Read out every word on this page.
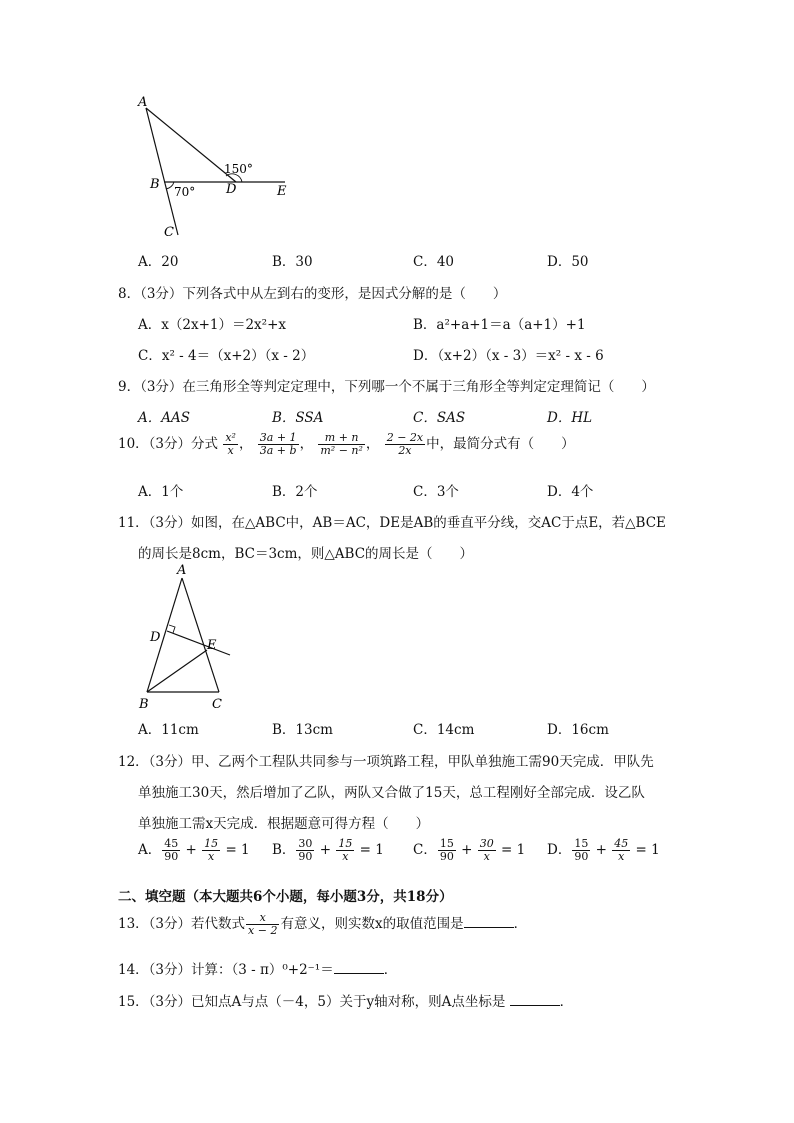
A
B
C
D	E
150°
70°
A．20	B．30	C．40	D．50
8．（3分）下列各式中从左到右的变形，是因式分解的是（　　）
A．x（2x+1）＝2x²+x	B．a²+a+1＝a（a+1）+1
C．x² - 4＝（x+2）（x - 2）	D．（x+2）（x - 3）＝x² - x - 6
9．（3分）在三角形全等判定定理中，下列哪一个不属于三角形全等判定定理简记（　　）
A．AAS	B．SSA	C．SAS	D．HL
10．（3分）分式 $\frac{\text{x²}}{x}$ ， $\frac{3a + 1}{3a + b}$ ， $\frac{m + n}{\text{m² − n²}}$ ， $\frac{2 - 2x}{2x}$ 中，最简分式有（　　）
A．1个	B．2个	C．3个	D．4个
11．（3分）如图，在△ABC中，AB＝AC，DE是AB的垂直平分线，交AC于点E，若△BCE
的周长是8cm，BC＝3cm，则△ABC的周长是（　　）
A
D
E
B	C
A．11cm	B．13cm	C．14cm	D．16cm
12．（3分）甲、乙两个工程队共同参与一项筑路工程，甲队单独施工需90天完成．甲队先
单独施工30天，然后增加了乙队，两队又合做了15天，总工程刚好全部完成．设乙队
单独施工需x天完成．根据题意可得方程（　　）
A． $\frac{45}{90} + \frac{15}{x} = 1$ B． $\frac{30}{90} + \frac{15}{x} = 1$ C． $\frac{15}{90} + \frac{30}{x} = 1$ D． $\frac{15}{90} + \frac{45}{x} = 1$
二、填空题（本大题共6个小题，每小题3分，共18分）
13．（3分）若代数式 $\frac{x}{x - 2}$ 有意义，则实数x的取值范围是	．
14．（3分）计算：（3 - π）⁰+2⁻¹＝	．
15．（3分）已知点A与点（－4，5）关于y轴对称，则A点坐标是	．
